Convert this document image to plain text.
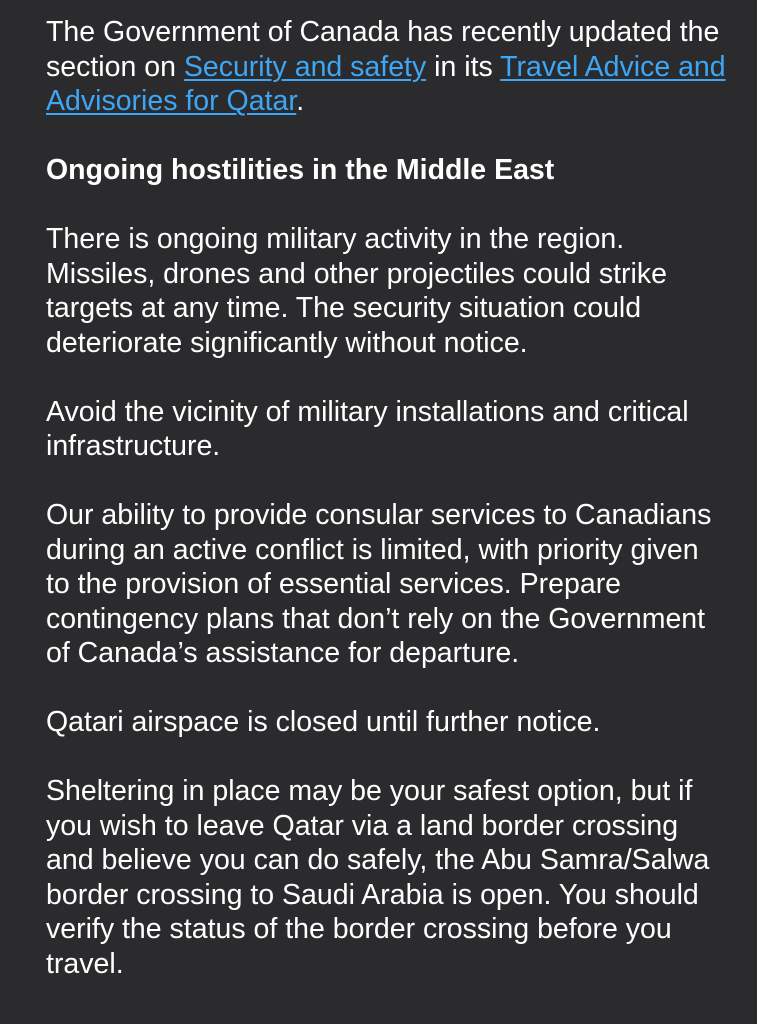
The Government of Canada has recently updated the section on Security and safety in its Travel Advice and Advisories for Qatar.

Ongoing hostilities in the Middle East

There is ongoing military activity in the region. Missiles, drones and other projectiles could strike targets at any time. The security situation could deteriorate significantly without notice.

Avoid the vicinity of military installations and critical infrastructure.

Our ability to provide consular services to Canadians during an active conflict is limited, with priority given to the provision of essential services. Prepare contingency plans that don’t rely on the Government of Canada’s assistance for departure.

Qatari airspace is closed until further notice.

Sheltering in place may be your safest option, but if you wish to leave Qatar via a land border crossing and believe you can do safely, the Abu Samra/Salwa border crossing to Saudi Arabia is open. You should verify the status of the border crossing before you travel.
